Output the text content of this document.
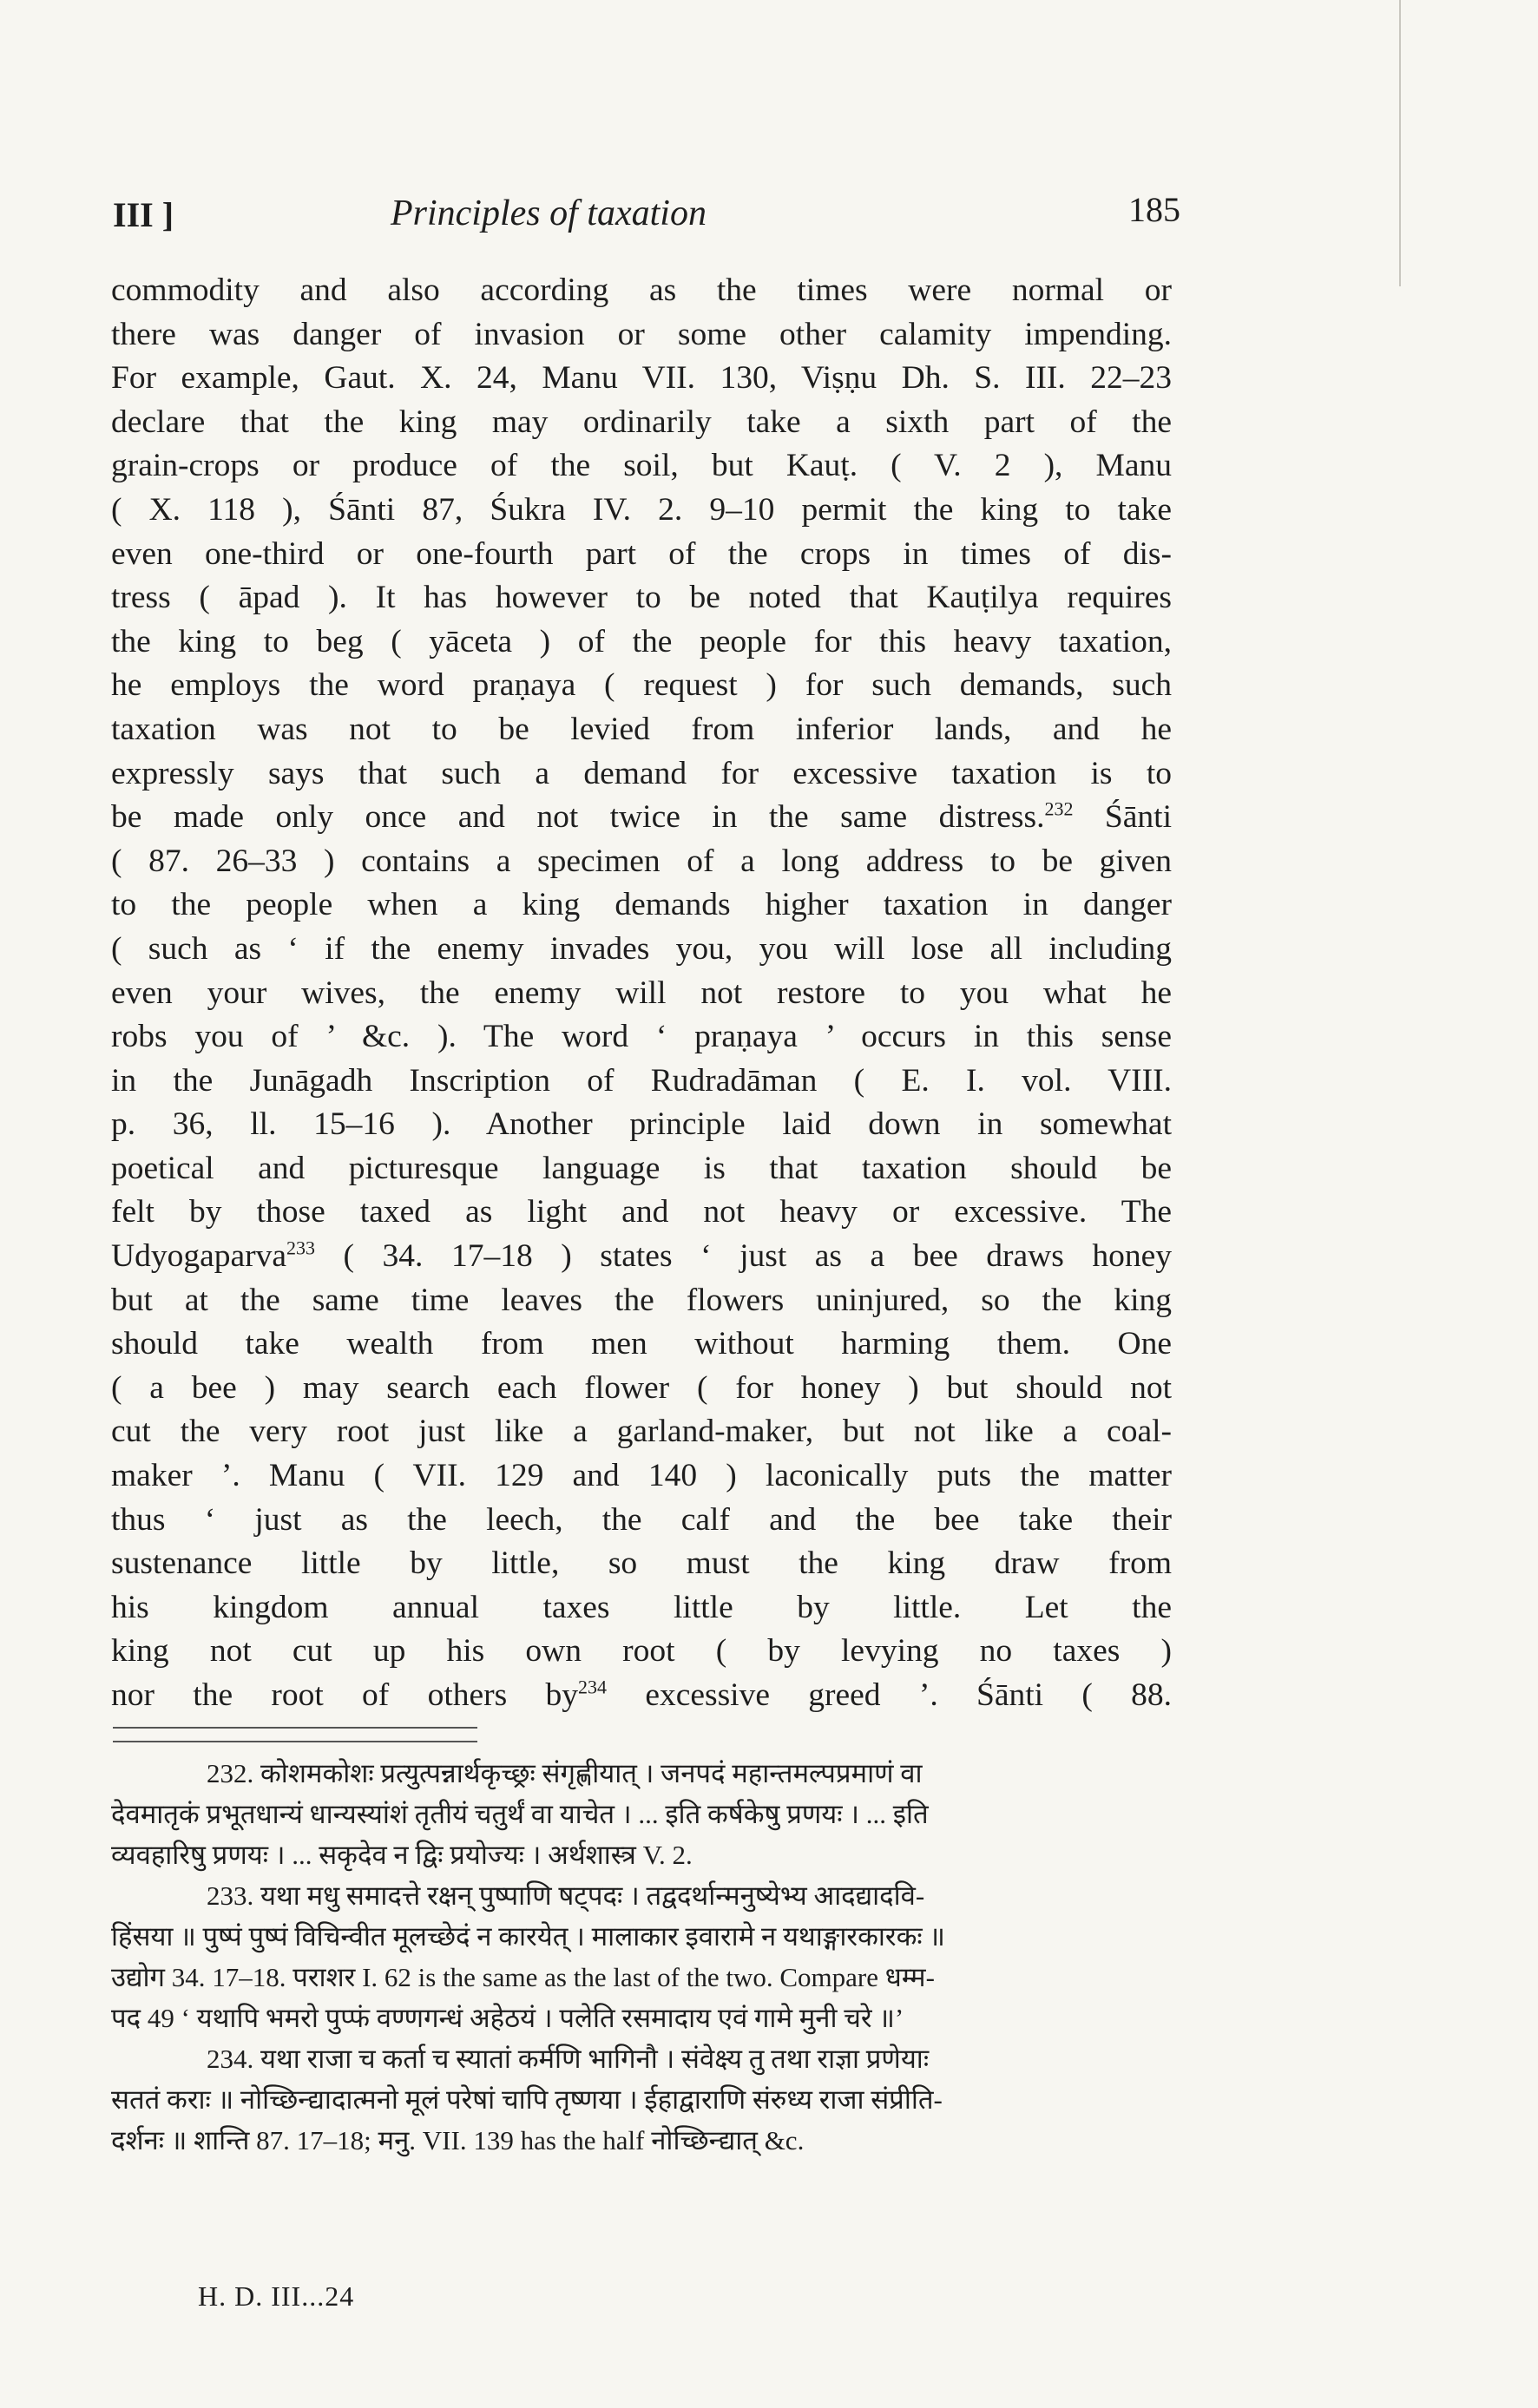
III ]	Principles of taxation	185
commodity and also according as the times were normal or
there was danger of invasion or some other calamity impending.
For example, Gaut. X. 24, Manu VII. 130, Viṣṇu Dh. S. III. 22–23
declare that the king may ordinarily take a sixth part of the
grain-crops or produce of the soil, but Kauṭ. ( V. 2 ), Manu
( X. 118 ), Śānti 87, Śukra IV. 2. 9–10 permit the king to take
even one-third or one-fourth part of the crops in times of dis-
tress ( āpad ). It has however to be noted that Kauṭilya requires
the king to beg ( yāceta ) of the people for this heavy taxation,
he employs the word praṇaya ( request ) for such demands, such
taxation was not to be levied from inferior lands, and he
expressly says that such a demand for excessive taxation is to
be made only once and not twice in the same distress.$^{232}$ Śānti
( 87. 26–33 ) contains a specimen of a long address to be given
to the people when a king demands higher taxation in danger
( such as ‘ if the enemy invades you, you will lose all including
even your wives, the enemy will not restore to you what he
robs you of ’ &c. ). The word ‘ praṇaya ’ occurs in this sense
in the Junāgadh Inscription of Rudradāman ( E. I. vol. VIII.
p. 36, ll. 15–16 ). Another principle laid down in somewhat
poetical and picturesque language is that taxation should be
felt by those taxed as light and not heavy or excessive. The
Udyogaparva$^{233}$ ( 34. 17–18 ) states ‘ just as a bee draws honey
but at the same time leaves the flowers uninjured, so the king
should take wealth from men without harming them. One
( a bee ) may search each flower ( for honey ) but should not
cut the very root just like a garland-maker, but not like a coal-
maker ’. Manu ( VII. 129 and 140 ) laconically puts the matter
thus ‘ just as the leech, the calf and the bee take their
sustenance little by little, so must the king draw from
his kingdom annual taxes little by little. Let the
king not cut up his own root ( by levying no taxes )
nor the root of others by$^{234}$ excessive greed ’. Śānti ( 88.
232. कोशमकोशः प्रत्युत्पन्नार्थकृच्छ्रः संगृह्णीयात् । जनपदं महान्तमल्पप्रमाणं वा
देवमातृकं प्रभूतधान्यं धान्यस्यांशं तृतीयं चतुर्थं वा याचेत । ... इति कर्षकेषु प्रणयः । ... इति
व्यवहारिषु प्रणयः । ... सकृदेव न द्विः प्रयोज्यः । अर्थशास्त्र V. 2.
233. यथा मधु समादत्ते रक्षन् पुष्पाणि षट्पदः । तद्वदर्थान्मनुष्येभ्य आदद्यादवि-
हिंसया ॥ पुष्पं पुष्पं विचिन्वीत मूलच्छेदं न कारयेत् । मालाकार इवारामे न यथाङ्गारकारकः ॥
उद्योग 34. 17–18. पराशर I. 62 is the same as the last of the two. Compare धम्म-
पद 49 ‘ यथापि भमरो पुप्फं वण्णगन्धं अहेठयं । पलेति रसमादाय एवं गामे मुनी चरे ॥’
234. यथा राजा च कर्ता च स्यातां कर्मणि भागिनौ । संवेक्ष्य तु तथा राज्ञा प्रणेयाः
सततं कराः ॥ नोच्छिन्द्यादात्मनो मूलं परेषां चापि तृष्णया । ईहाद्वाराणि संरुध्य राजा संप्रीति-
दर्शनः ॥ शान्ति 87. 17–18; मनु. VII. 139 has the half नोच्छिन्द्यात् &c.
H. D. III...24
